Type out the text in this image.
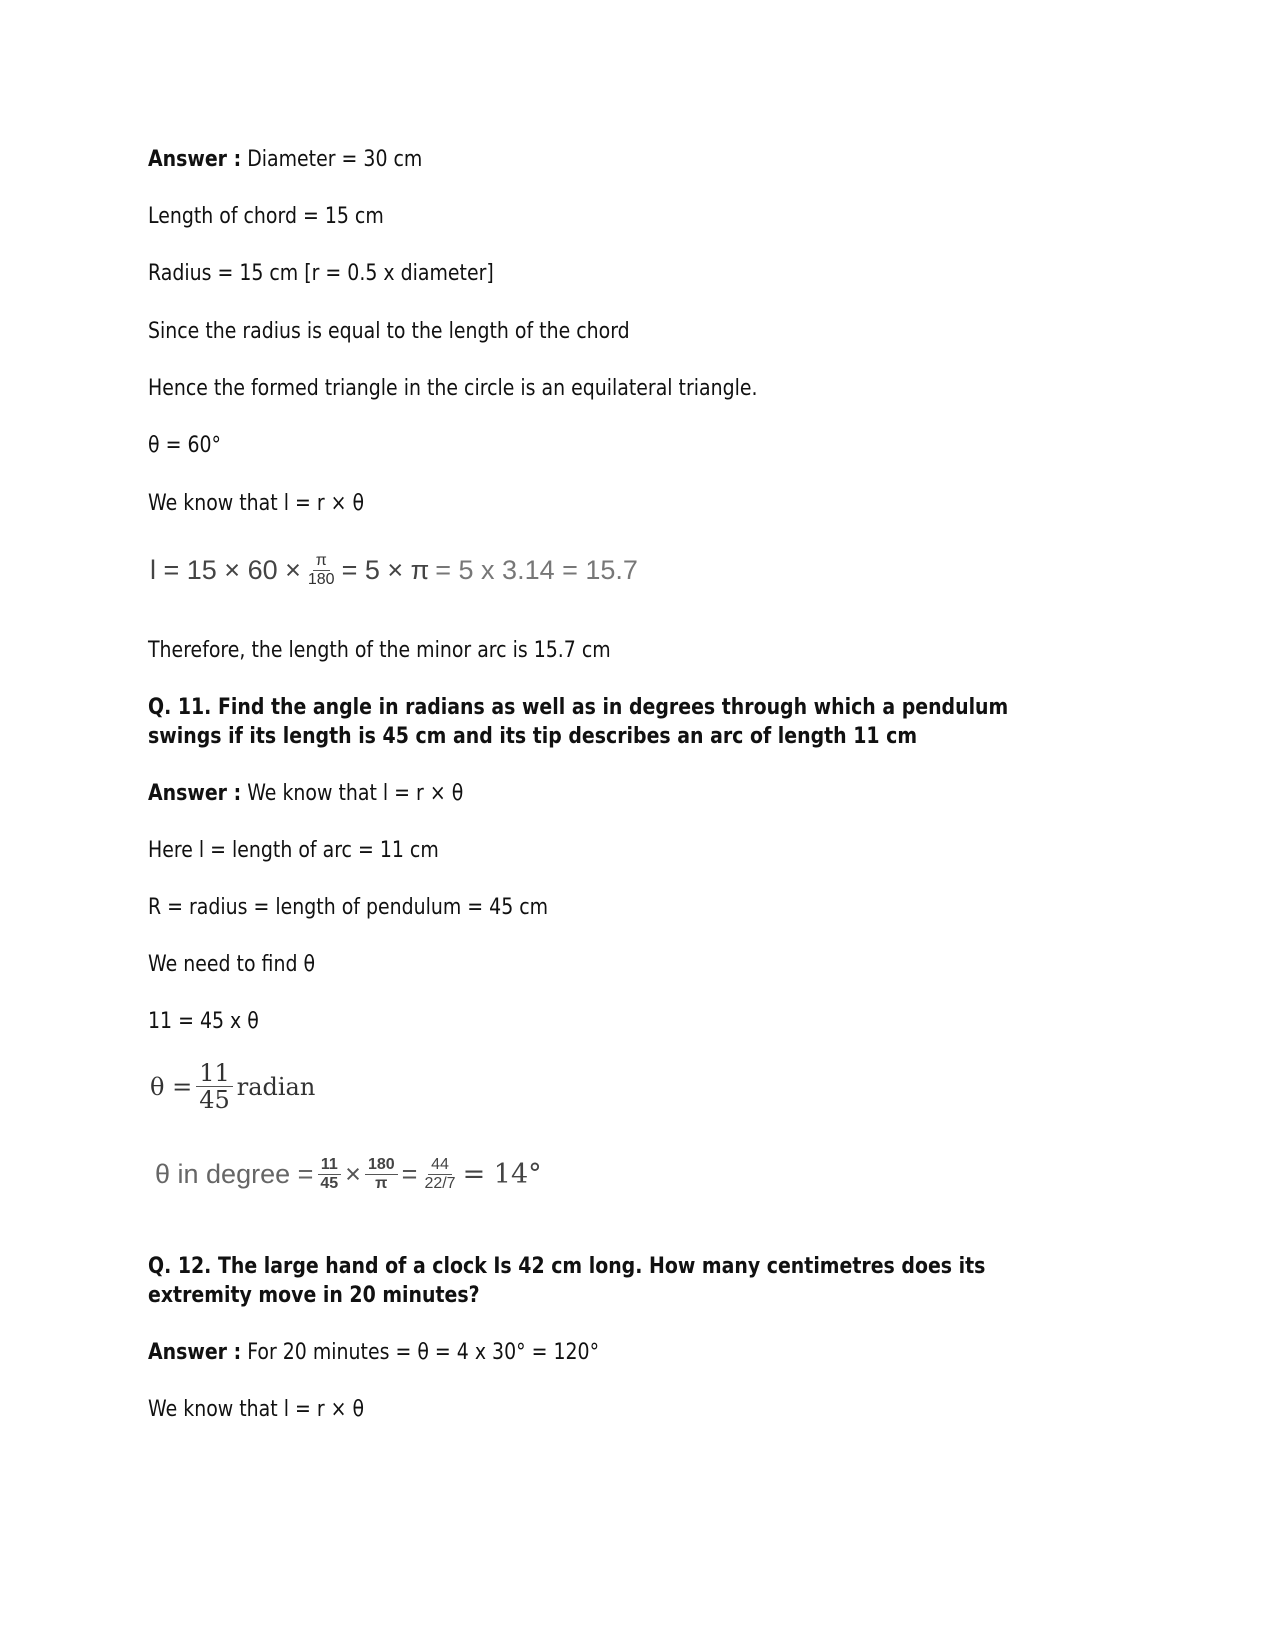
Answer : Diameter = 30 cm
Length of chord = 15 cm
Radius = 15 cm [r = 0.5 x diameter]
Since the radius is equal to the length of the chord
Hence the formed triangle in the circle is an equilateral triangle.
θ = 60°
We know that l = r × θ
$l = 15 \times 60 \times \frac{\pi}{180} = 5 \times \pi = 5$ x 3.14 = 15.7
Therefore, the length of the minor arc is 15.7 cm
Q. 11. Find the angle in radians as well as in degrees through which a pendulum
swings if its length is 45 cm and its tip describes an arc of length 11 cm
Answer : We know that l = r × θ
Here l = length of arc = 11 cm
R = radius = length of pendulum = 45 cm
We need to find θ
11 = 45 x θ
$\theta = \frac{11}{45}$ radian
θ in degree = $\frac{11}{45} \times \frac{180}{\pi} = \frac{44}{22/7} = 14^\circ$
Q. 12. The large hand of a clock Is 42 cm long. How many centimetres does its
extremity move in 20 minutes?
Answer : For 20 minutes = θ = 4 x 30° = 120°
We know that l = r × θ
